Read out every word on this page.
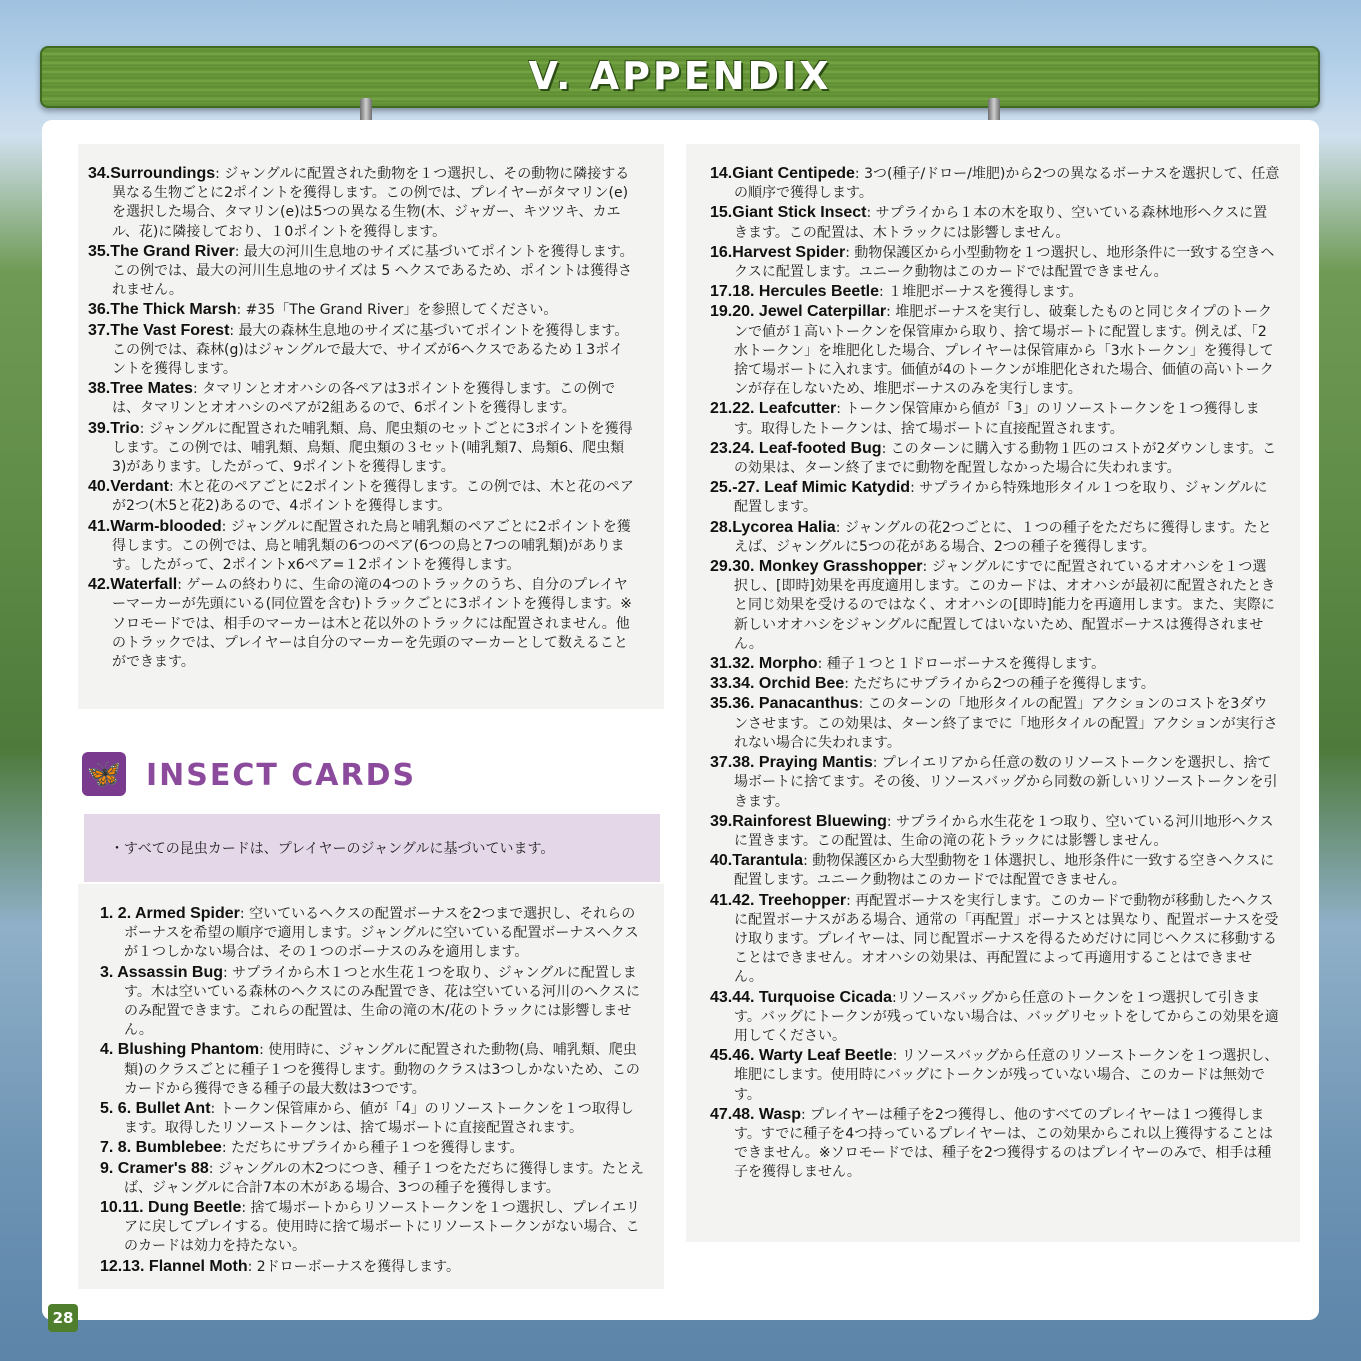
V. APPENDIX
34.Surroundings: ジャングルに配置された動物を１つ選択し、その動物に隣接する異なる生物ごとに2ポイントを獲得します。この例では、プレイヤーがタマリン(e)を選択した場合、タマリン(e)は5つの異なる生物(木、ジャガー、キツツキ、カエル、花)に隣接しており、１0ポイントを獲得します。
35.The Grand River: 最大の河川生息地のサイズに基づいてポイントを獲得します。この例では、最大の河川生息地のサイズは 5 ヘクスであるため、ポイントは獲得されません。
36.The Thick Marsh: #35「The Grand River」を参照してください。
37.The Vast Forest: 最大の森林生息地のサイズに基づいてポイントを獲得します。この例では、森林(g)はジャングルで最大で、サイズが6ヘクスであるため１3ポイントを獲得します。
38.Tree Mates: タマリンとオオハシの各ペアは3ポイントを獲得します。この例では、タマリンとオオハシのペアが2組あるので、6ポイントを獲得します。
39.Trio: ジャングルに配置された哺乳類、鳥、爬虫類のセットごとに3ポイントを獲得します。この例では、哺乳類、鳥類、爬虫類の３セット(哺乳類7、鳥類6、爬虫類3)があります。したがって、9ポイントを獲得します。
40.Verdant: 木と花のペアごとに2ポイントを獲得します。この例では、木と花のペアが2つ(木5と花2)あるので、4ポイントを獲得します。
41.Warm-blooded: ジャングルに配置された鳥と哺乳類のペアごとに2ポイントを獲得します。この例では、鳥と哺乳類の6つのペア(6つの鳥と7つの哺乳類)があります。したがって、2ポイントx6ペア=１2ポイントを獲得します。
42.Waterfall: ゲームの終わりに、生命の滝の4つのトラックのうち、自分のプレイヤーマーカーが先頭にいる(同位置を含む)トラックごとに3ポイントを獲得します。※ソロモードでは、相手のマーカーは木と花以外のトラックには配置されません。他のトラックでは、プレイヤーは自分のマーカーを先頭のマーカーとして数えることができます。
🦋 INSECT CARDS
・すべての昆虫カードは、プレイヤーのジャングルに基づいています。
1. 2. Armed Spider: 空いているヘクスの配置ボーナスを2つまで選択し、それらのボーナスを希望の順序で適用します。ジャングルに空いている配置ボーナスヘクスが１つしかない場合は、その１つのボーナスのみを適用します。
3. Assassin Bug: サプライから木１つと水生花１つを取り、ジャングルに配置します。木は空いている森林のヘクスにのみ配置でき、花は空いている河川のヘクスにのみ配置できます。これらの配置は、生命の滝の木/花のトラックには影響しません。
4. Blushing Phantom: 使用時に、ジャングルに配置された動物(鳥、哺乳類、爬虫類)のクラスごとに種子１つを獲得します。動物のクラスは3つしかないため、このカードから獲得できる種子の最大数は3つです。
5. 6. Bullet Ant: トークン保管庫から、値が「4」のリソーストークンを１つ取得します。取得したリソーストークンは、捨て場ボートに直接配置されます。
7. 8. Bumblebee: ただちにサプライから種子１つを獲得します。
9. Cramer's 88: ジャングルの木2つにつき、種子１つをただちに獲得します。たとえば、ジャングルに合計7本の木がある場合、3つの種子を獲得します。
10.11. Dung Beetle: 捨て場ボートからリソーストークンを１つ選択し、プレイエリアに戻してプレイする。使用時に捨て場ボートにリソーストークンがない場合、このカードは効力を持たない。
12.13. Flannel Moth: 2ドローボーナスを獲得します。
14.Giant Centipede: 3つ(種子/ドロー/堆肥)から2つの異なるボーナスを選択して、任意の順序で獲得します。
15.Giant Stick Insect: サプライから１本の木を取り、空いている森林地形ヘクスに置きます。この配置は、木トラックには影響しません。
16.Harvest Spider: 動物保護区から小型動物を１つ選択し、地形条件に一致する空きヘクスに配置します。ユニーク動物はこのカードでは配置できません。
17.18. Hercules Beetle: １堆肥ボーナスを獲得します。
19.20. Jewel Caterpillar: 堆肥ボーナスを実行し、破棄したものと同じタイプのトークンで値が１高いトークンを保管庫から取り、捨て場ボートに配置します。例えば、「2水トークン」を堆肥化した場合、プレイヤーは保管庫から「3水トークン」を獲得して捨て場ボートに入れます。価値が4のトークンが堆肥化された場合、価値の高いトークンが存在しないため、堆肥ボーナスのみを実行します。
21.22. Leafcutter: トークン保管庫から値が「3」のリソーストークンを１つ獲得します。取得したトークンは、捨て場ボートに直接配置されます。
23.24. Leaf-footed Bug: このターンに購入する動物１匹のコストが2ダウンします。この効果は、ターン終了までに動物を配置しなかった場合に失われます。
25.-27. Leaf Mimic Katydid: サプライから特殊地形タイル１つを取り、ジャングルに配置します。
28.Lycorea Halia: ジャングルの花2つごとに、１つの種子をただちに獲得します。たとえば、ジャングルに5つの花がある場合、2つの種子を獲得します。
29.30. Monkey Grasshopper: ジャングルにすでに配置されているオオハシを１つ選択し、[即時]効果を再度適用します。このカードは、オオハシが最初に配置されたときと同じ効果を受けるのではなく、オオハシの[即時]能力を再適用します。また、実際に新しいオオハシをジャングルに配置してはいないため、配置ボーナスは獲得されません。
31.32. Morpho: 種子１つと１ドローボーナスを獲得します。
33.34. Orchid Bee: ただちにサプライから2つの種子を獲得します。
35.36. Panacanthus: このターンの「地形タイルの配置」アクションのコストを3ダウンさせます。この効果は、ターン終了までに「地形タイルの配置」アクションが実行されない場合に失われます。
37.38. Praying Mantis: プレイエリアから任意の数のリソーストークンを選択し、捨て場ボートに捨てます。その後、リソースバッグから同数の新しいリソーストークンを引きます。
39.Rainforest Bluewing: サプライから水生花を１つ取り、空いている河川地形ヘクスに置きます。この配置は、生命の滝の花トラックには影響しません。
40.Tarantula: 動物保護区から大型動物を１体選択し、地形条件に一致する空きヘクスに配置します。ユニーク動物はこのカードでは配置できません。
41.42. Treehopper: 再配置ボーナスを実行します。このカードで動物が移動したヘクスに配置ボーナスがある場合、通常の「再配置」ボーナスとは異なり、配置ボーナスを受け取ります。プレイヤーは、同じ配置ボーナスを得るためだけに同じヘクスに移動することはできません。オオハシの効果は、再配置によって再適用することはできません。
43.44. Turquoise Cicada:リソースバッグから任意のトークンを１つ選択して引きます。バッグにトークンが残っていない場合は、バッグリセットをしてからこの効果を適用してください。
45.46. Warty Leaf Beetle: リソースバッグから任意のリソーストークンを１つ選択し、堆肥にします。使用時にバッグにトークンが残っていない場合、このカードは無効です。
47.48. Wasp: プレイヤーは種子を2つ獲得し、他のすべてのプレイヤーは１つ獲得します。すでに種子を4つ持っているプレイヤーは、この効果からこれ以上獲得することはできません。※ソロモードでは、種子を2つ獲得するのはプレイヤーのみで、相手は種子を獲得しません。
28
